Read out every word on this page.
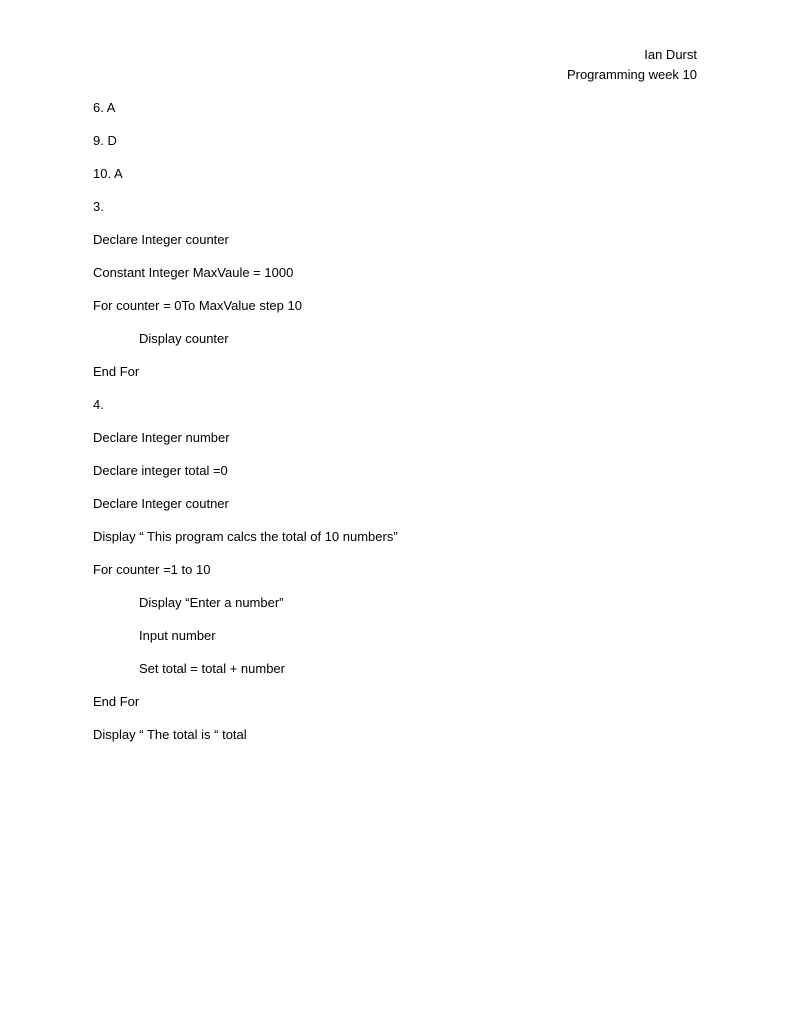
Ian Durst
Programming week 10
6. A
9. D
10. A
3.
Declare Integer counter
Constant Integer MaxVaule = 1000
For counter = 0To MaxValue step 10
Display counter
End For
4.
Declare Integer number
Declare integer total =0
Declare Integer coutner
Display “ This program calcs the total of 10 numbers”
For counter =1 to 10
Display “Enter a number”
Input number
Set total = total + number
End For
Display “ The total is “ total
